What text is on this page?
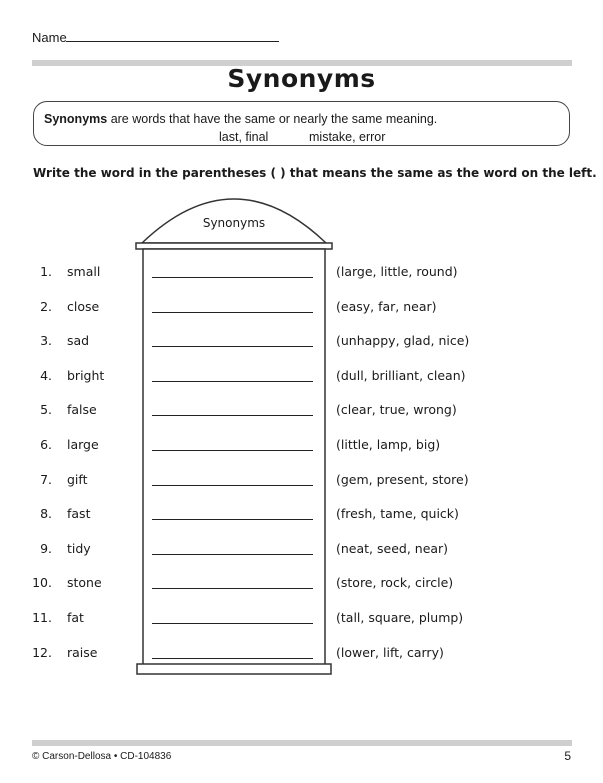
Name
Synonyms
Synonyms are words that have the same or nearly the same meaning.
last, final	mistake, error
Write the word in the parentheses ( ) that means the same as the word on the left.
Synonyms
1. small	(large, little, round)
2. close	(easy, far, near)
3. sad	(unhappy, glad, nice)
4. bright	(dull, brilliant, clean)
5. false	(clear, true, wrong)
6. large	(little, lamp, big)
7. gift	(gem, present, store)
8. fast	(fresh, tame, quick)
9. tidy	(neat, seed, near)
10. stone	(store, rock, circle)
11. fat	(tall, square, plump)
12. raise	(lower, lift, carry)
© Carson-Dellosa • CD-104836	5
